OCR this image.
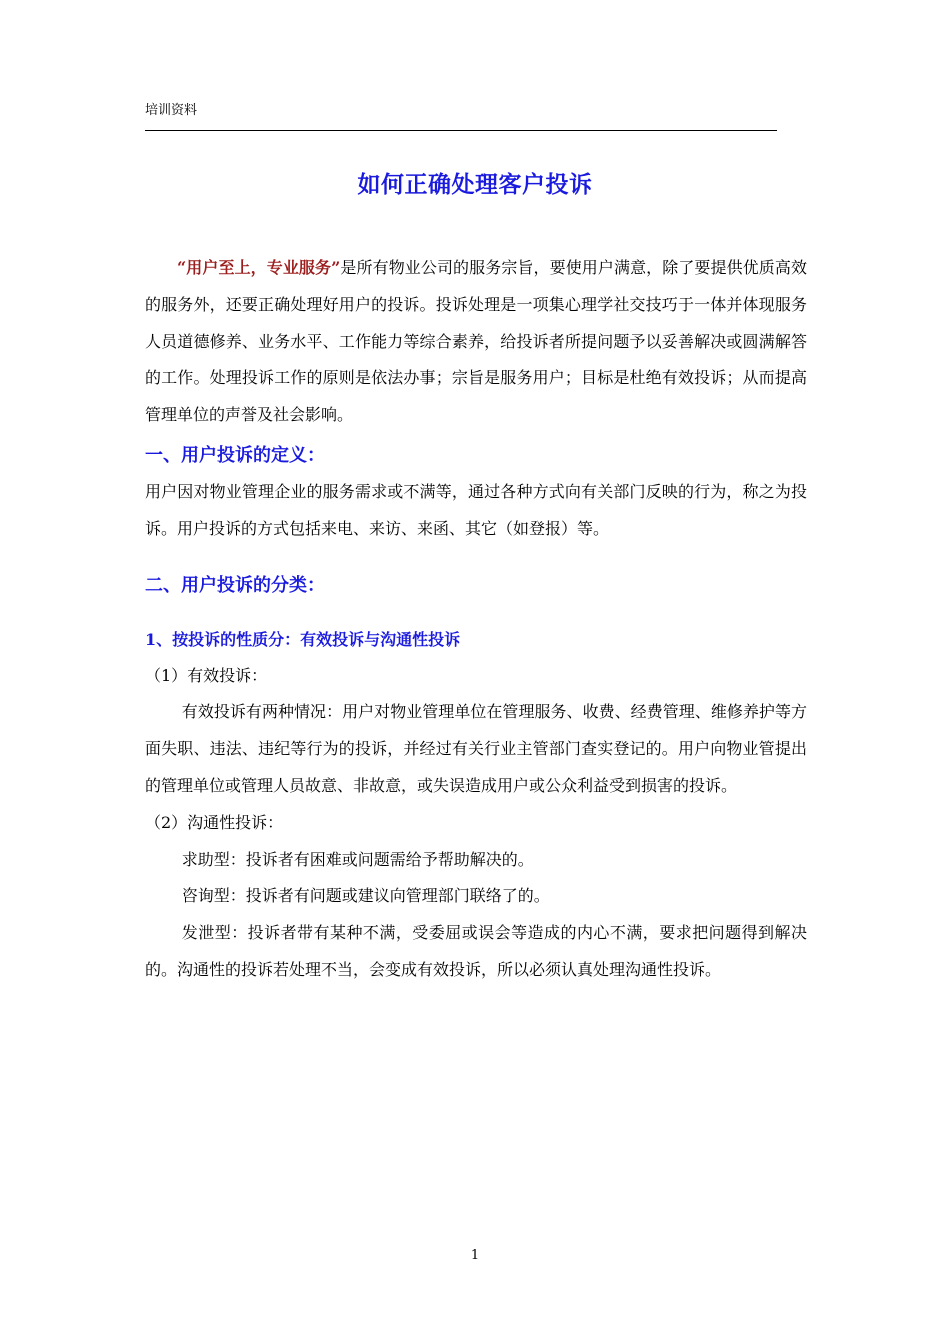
培训资料
如何正确处理客户投诉

“用户至上，专业服务”是所有物业公司的服务宗旨，要使用户满意，除了要提供优质高效的服务外，还要正确处理好用户的投诉。投诉处理是一项集心理学社交技巧于一体并体现服务人员道德修养、业务水平、工作能力等综合素养，给投诉者所提问题予以妥善解决或圆满解答的工作。处理投诉工作的原则是依法办事；宗旨是服务用户；目标是杜绝有效投诉；从而提高管理单位的声誉及社会影响。

一、用户投诉的定义：

用户因对物业管理企业的服务需求或不满等，通过各种方式向有关部门反映的行为，称之为投诉。用户投诉的方式包括来电、来访、来函、其它（如登报）等。

二、用户投诉的分类：
1、按投诉的性质分：有效投诉与沟通性投诉

（1）有效投诉：

有效投诉有两种情况：用户对物业管理单位在管理服务、收费、经费管理、维修养护等方面失职、违法、违纪等行为的投诉，并经过有关行业主管部门查实登记的。用户向物业管提出的管理单位或管理人员故意、非故意，或失误造成用户或公众利益受到损害的投诉。

（2）沟通性投诉：

求助型：投诉者有困难或问题需给予帮助解决的。

咨询型：投诉者有问题或建议向管理部门联络了的。

发泄型：投诉者带有某种不满，受委屈或误会等造成的内心不满，要求把问题得到解决的。沟通性的投诉若处理不当，会变成有效投诉，所以必须认真处理沟通性投诉。

1
